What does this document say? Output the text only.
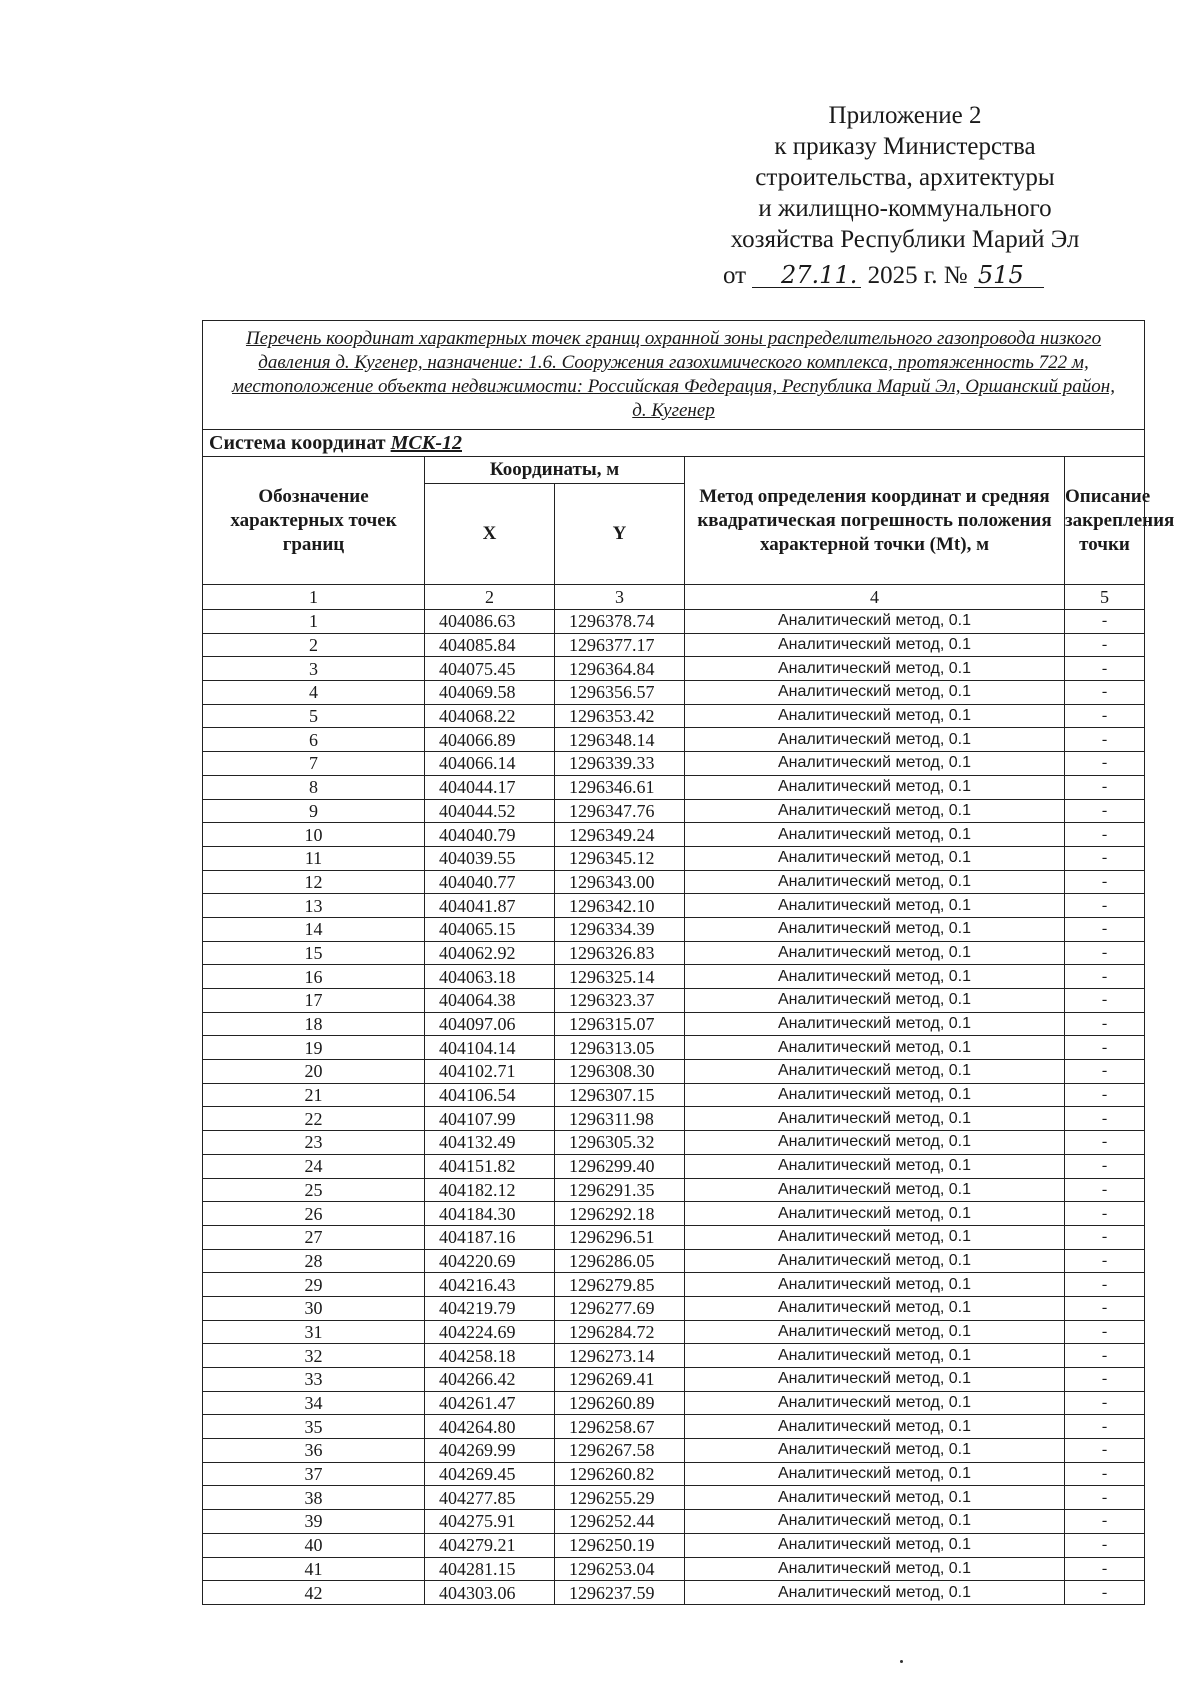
Приложение 2
к приказу Министерства
строительства, архитектуры
и жилищно-коммунального
хозяйства Республики Марий Эл
от 27.11. 2025 г. № 515
Перечень координат характерных точек границ охранной зоны распределительного газопровода низкого давления д. Кугенер, назначение: 1.6. Сооружения газохимического комплекса, протяженность 722 м, местоположение объекта недвижимости: Российская Федерация, Республика Марий Эл, Оршанский район, д. Кугенер				
Система координат МСК-12				
Обозначение характерных точек границ	Координаты, м		Метод определения координат и средняя квадратическая погрешность положения характерной точки (Mt), м	Описание закрепления точки
	X	Y		
1	2	3	4	5
1	404086.63	1296378.74	Аналитический метод, 0.1	-
2	404085.84	1296377.17	Аналитический метод, 0.1	-
3	404075.45	1296364.84	Аналитический метод, 0.1	-
4	404069.58	1296356.57	Аналитический метод, 0.1	-
5	404068.22	1296353.42	Аналитический метод, 0.1	-
6	404066.89	1296348.14	Аналитический метод, 0.1	-
7	404066.14	1296339.33	Аналитический метод, 0.1	-
8	404044.17	1296346.61	Аналитический метод, 0.1	-
9	404044.52	1296347.76	Аналитический метод, 0.1	-
10	404040.79	1296349.24	Аналитический метод, 0.1	-
11	404039.55	1296345.12	Аналитический метод, 0.1	-
12	404040.77	1296343.00	Аналитический метод, 0.1	-
13	404041.87	1296342.10	Аналитический метод, 0.1	-
14	404065.15	1296334.39	Аналитический метод, 0.1	-
15	404062.92	1296326.83	Аналитический метод, 0.1	-
16	404063.18	1296325.14	Аналитический метод, 0.1	-
17	404064.38	1296323.37	Аналитический метод, 0.1	-
18	404097.06	1296315.07	Аналитический метод, 0.1	-
19	404104.14	1296313.05	Аналитический метод, 0.1	-
20	404102.71	1296308.30	Аналитический метод, 0.1	-
21	404106.54	1296307.15	Аналитический метод, 0.1	-
22	404107.99	1296311.98	Аналитический метод, 0.1	-
23	404132.49	1296305.32	Аналитический метод, 0.1	-
24	404151.82	1296299.40	Аналитический метод, 0.1	-
25	404182.12	1296291.35	Аналитический метод, 0.1	-
26	404184.30	1296292.18	Аналитический метод, 0.1	-
27	404187.16	1296296.51	Аналитический метод, 0.1	-
28	404220.69	1296286.05	Аналитический метод, 0.1	-
29	404216.43	1296279.85	Аналитический метод, 0.1	-
30	404219.79	1296277.69	Аналитический метод, 0.1	-
31	404224.69	1296284.72	Аналитический метод, 0.1	-
32	404258.18	1296273.14	Аналитический метод, 0.1	-
33	404266.42	1296269.41	Аналитический метод, 0.1	-
34	404261.47	1296260.89	Аналитический метод, 0.1	-
35	404264.80	1296258.67	Аналитический метод, 0.1	-
36	404269.99	1296267.58	Аналитический метод, 0.1	-
37	404269.45	1296260.82	Аналитический метод, 0.1	-
38	404277.85	1296255.29	Аналитический метод, 0.1	-
39	404275.91	1296252.44	Аналитический метод, 0.1	-
40	404279.21	1296250.19	Аналитический метод, 0.1	-
41	404281.15	1296253.04	Аналитический метод, 0.1	-
42	404303.06	1296237.59	Аналитический метод, 0.1	-
